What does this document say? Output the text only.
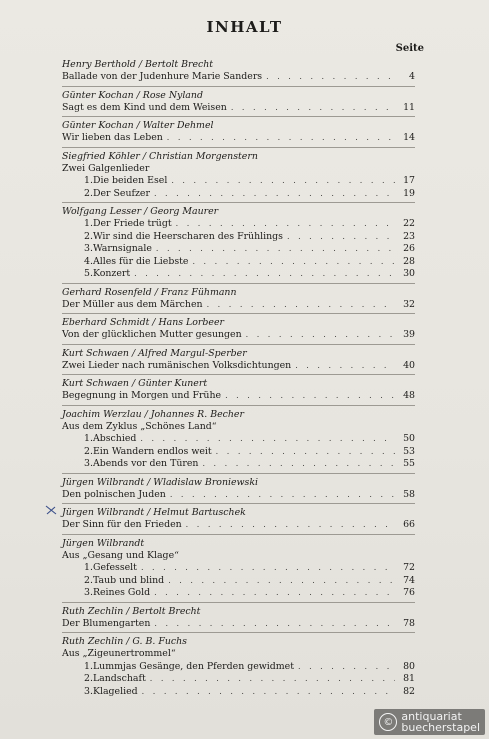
INHALT
Seite
Henry Berthold / Bertolt Brecht
Ballade von der Judenhure Marie Sanders . . .	4
Günter Kochan / Rose Nyland
Sagt es dem Kind und dem Weisen . . .	11
Günter Kochan / Walter Dehmel
Wir lieben das Leben . . .	14
Siegfried Köhler / Christian Morgenstern
Zwei Galgenlieder
1. Die beiden Esel . . .	17
2. Der Seufzer . . .	19
Wolfgang Lesser / Georg Maurer
1. Der Friede trügt . . .	22
2. Wir sind die Heerscharen des Frühlings . . .	23
3. Warnsignale . . .	26
4. Alles für die Liebste . . .	28
5. Konzert . . .	30
Gerhard Rosenfeld / Franz Fühmann
Der Müller aus dem Märchen . . .	32
Eberhard Schmidt / Hans Lorbeer
Von der glücklichen Mutter gesungen . . .	39
Kurt Schwaen / Alfred Margul-Sperber
Zwei Lieder nach rumänischen Volksdichtungen . . .	40
Kurt Schwaen / Günter Kunert
Begegnung in Morgen und Frühe . . .	48
Joachim Werzlau / Johannes R. Becher
Aus dem Zyklus „Schönes Land“
1. Abschied . . .	50
2. Ein Wandern endlos weit . . .	53
3. Abends vor den Türen . . .	55
Jürgen Wilbrandt / Wladislaw Broniewski
Den polnischen Juden . . .	58
Jürgen Wilbrandt / Helmut Bartuschek
Der Sinn für den Frieden . . .	66
Jürgen Wilbrandt
Aus „Gesang und Klage“
1. Gefesselt . . .	72
2. Taub und blind . . .	74
3. Reines Gold . . .	76
Ruth Zechlin / Bertolt Brecht
Der Blumengarten . . .	78
Ruth Zechlin / G. B. Fuchs
Aus „Zigeunertrommel“
1. Lummjas Gesänge, den Pferden gewidmet . . .	80
2. Landschaft . . .	81
3. Klagelied . . .	82
© antiquariat
buecherstapel
